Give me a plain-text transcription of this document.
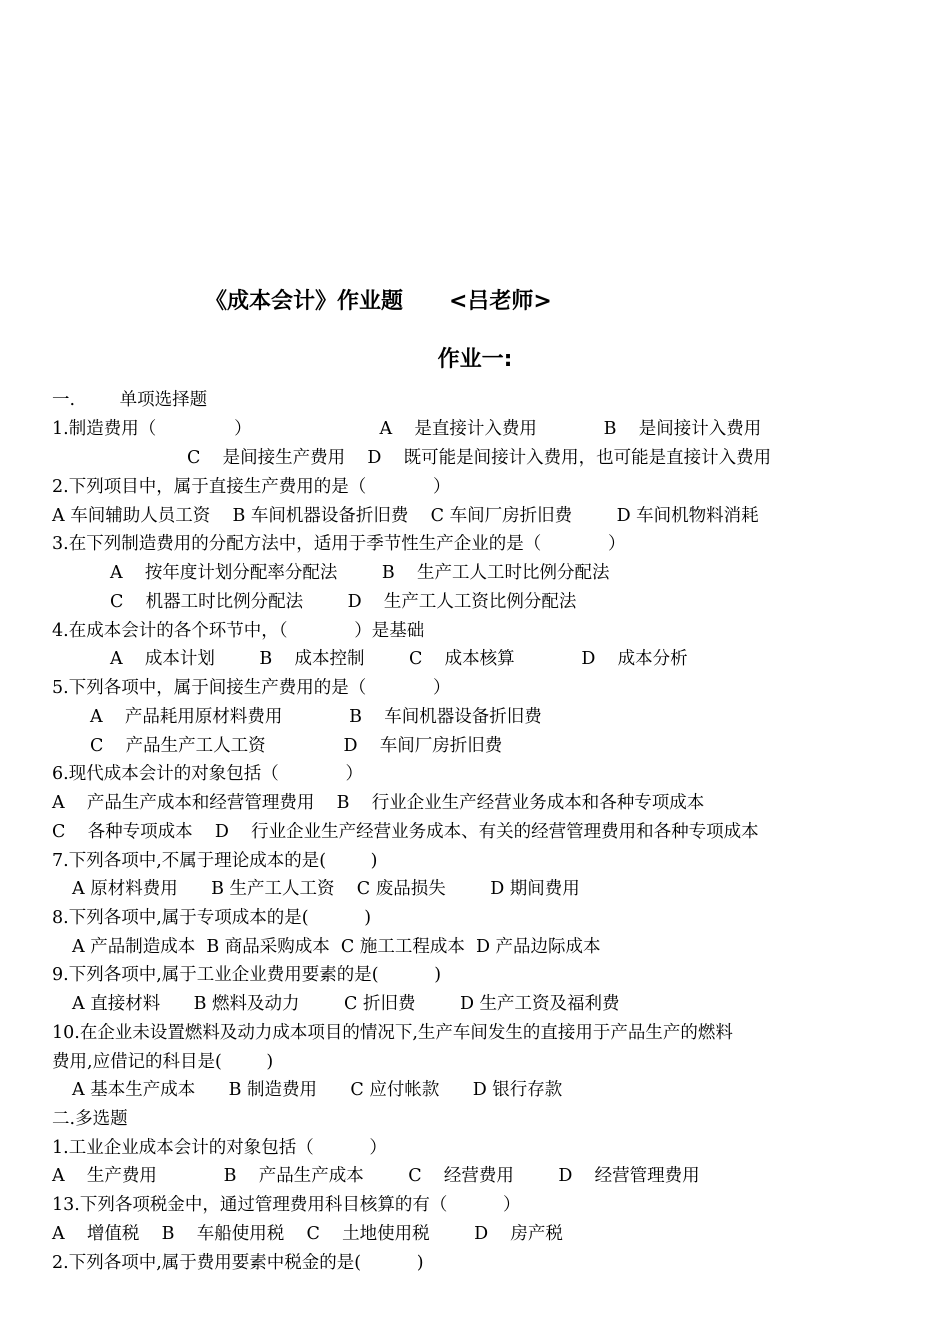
《成本会计》作业题      <吕老师>
作业一:
一.        单项选择题
1.制造费用（              ）                       A    是直接计入费用            B    是间接计入费用
C    是间接生产费用    D    既可能是间接计入费用，也可能是直接计入费用
2.下列项目中，属于直接生产费用的是（            ）
A 车间辅助人员工资    B 车间机器设备折旧费    C 车间厂房折旧费        D 车间机物料消耗
3.在下列制造费用的分配方法中，适用于季节性生产企业的是（            ）
A    按年度计划分配率分配法        B    生产工人工时比例分配法
C    机器工时比例分配法        D    生产工人工资比例分配法
4.在成本会计的各个环节中，（            ）是基础
A    成本计划        B    成本控制        C    成本核算            D    成本分析
5.下列各项中，属于间接生产费用的是（            ）
A    产品耗用原材料费用            B    车间机器设备折旧费
C    产品生产工人工资              D    车间厂房折旧费
6.现代成本会计的对象包括（            ）
A    产品生产成本和经营管理费用    B    行业企业生产经营业务成本和各种专项成本
C    各种专项成本    D    行业企业生产经营业务成本、有关的经营管理费用和各种专项成本
7.下列各项中,不属于理论成本的是(        )
A 原材料费用      B 生产工人工资    C 废品损失        D 期间费用
8.下列各项中,属于专项成本的是(          )
A 产品制造成本  B 商品采购成本  C 施工工程成本  D 产品边际成本
9.下列各项中,属于工业企业费用要素的是(          )
A 直接材料      B 燃料及动力        C 折旧费        D 生产工资及福利费
10.在企业未设置燃料及动力成本项目的情况下,生产车间发生的直接用于产品生产的燃料
费用,应借记的科目是(        )
A 基本生产成本      B 制造费用      C 应付帐款      D 银行存款
二.多选题
1.工业企业成本会计的对象包括（          ）
A    生产费用            B    产品生产成本        C    经营费用        D    经营管理费用
13.下列各项税金中，通过管理费用科目核算的有（          ）
A    增值税    B    车船使用税    C    土地使用税        D    房产税
2.下列各项中,属于费用要素中税金的是(          )
